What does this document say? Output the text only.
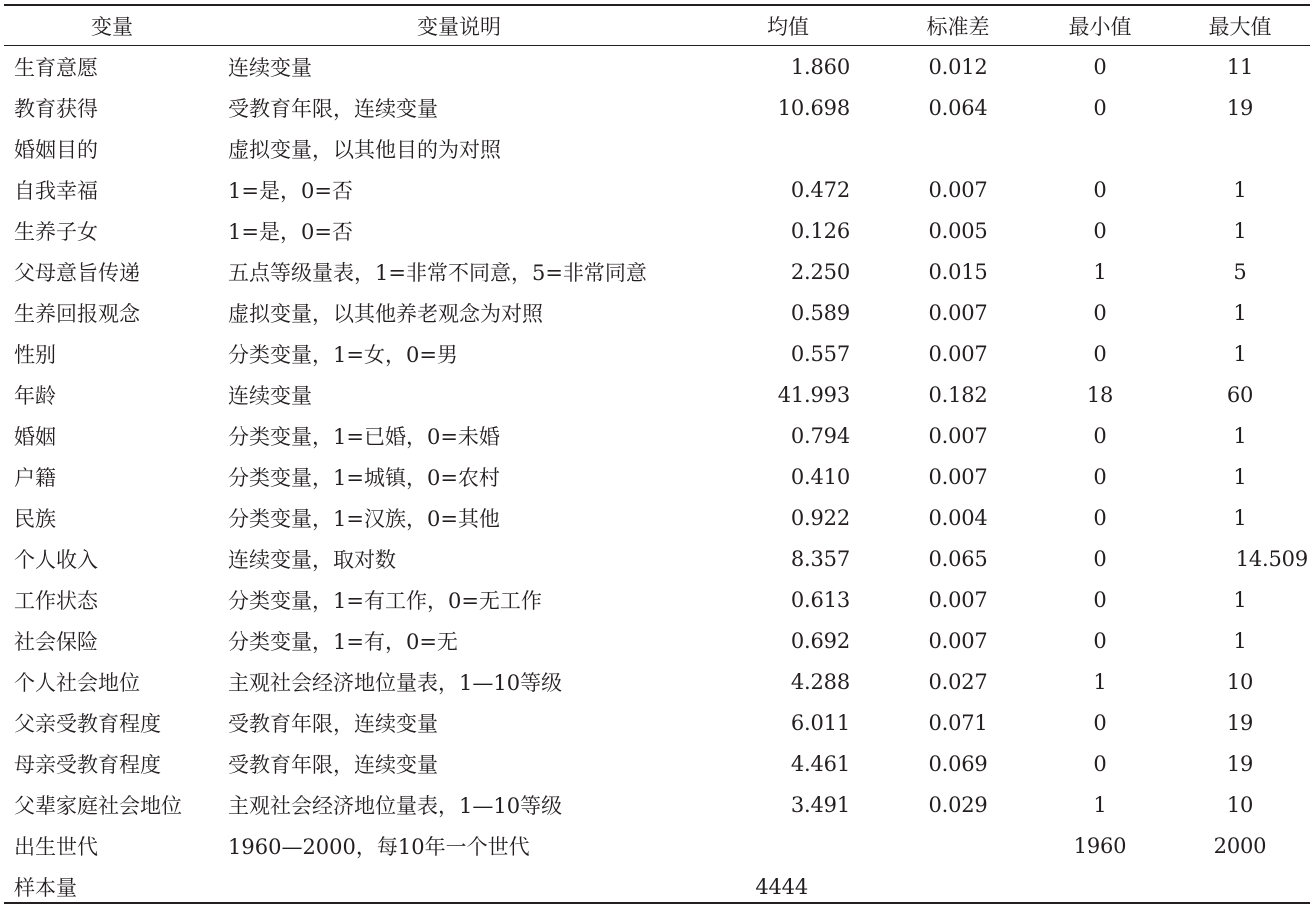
变量	变量说明	均值	标准差	最小值	最大值
生育意愿	连续变量	1.860	0.012	0	11
教育获得	受教育年限，连续变量	10.698	0.064	0	19
婚姻目的	虚拟变量，以其他目的为对照				
自我幸福	1=是，0=否	0.472	0.007	0	1
生养子女	1=是，0=否	0.126	0.005	0	1
父母意旨传递	五点等级量表，1=非常不同意，5=非常同意	2.250	0.015	1	5
生养回报观念	虚拟变量，以其他养老观念为对照	0.589	0.007	0	1
性别	分类变量，1=女，0=男	0.557	0.007	0	1
年龄	连续变量	41.993	0.182	18	60
婚姻	分类变量，1=已婚，0=未婚	0.794	0.007	0	1
户籍	分类变量，1=城镇，0=农村	0.410	0.007	0	1
民族	分类变量，1=汉族，0=其他	0.922	0.004	0	1
个人收入	连续变量，取对数	8.357	0.065	0	14.509
工作状态	分类变量，1=有工作，0=无工作	0.613	0.007	0	1
社会保险	分类变量，1=有，0=无	0.692	0.007	0	1
个人社会地位	主观社会经济地位量表，1—10等级	4.288	0.027	1	10
父亲受教育程度	受教育年限，连续变量	6.011	0.071	0	19
母亲受教育程度	受教育年限，连续变量	4.461	0.069	0	19
父辈家庭社会地位	主观社会经济地位量表，1—10等级	3.491	0.029	1	10
出生世代	1960—2000，每10年一个世代			1960	2000
样本量		4444			
